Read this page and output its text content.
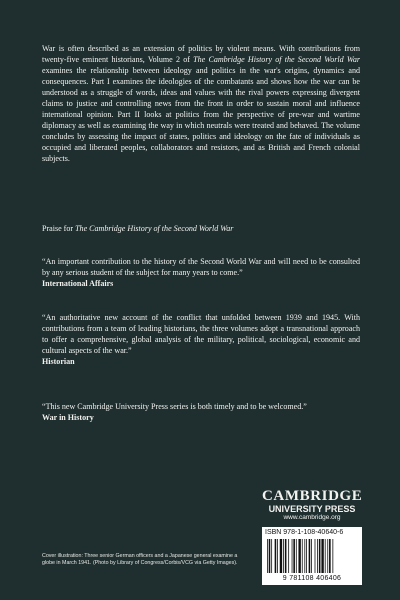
War is often described as an extension of politics by violent means. With contributions from twenty-five eminent historians, Volume 2 of The Cambridge History of the Second World War examines the relationship between ideology and politics in the war's origins, dynamics and consequences. Part I examines the ideologies of the combatants and shows how the war can be understood as a struggle of words, ideas and values with the rival powers expressing divergent claims to justice and controlling news from the front in order to sustain moral and influence international opinion. Part II looks at politics from the perspective of pre-war and wartime diplomacy as well as examining the way in which neutrals were treated and behaved. The volume concludes by assessing the impact of states, politics and ideology on the fate of individuals as occupied and liberated peoples, collaborators and resistors, and as British and French colonial subjects.

Praise for The Cambridge History of the Second World War

“An important contribution to the history of the Second World War and will need to be consulted by any serious student of the subject for many years to come.”

International Affairs

“An authoritative new account of the conflict that unfolded between 1939 and 1945. With contributions from a team of leading historians, the three volumes adopt a transnational approach to offer a comprehensive, global analysis of the military, political, sociological, economic and cultural aspects of the war.”

Historian

“This new Cambridge University Press series is both timely and to be welcomed.”

War in History

CAMBRIDGE
UNIVERSITY PRESS
www.cambridge.org
ISBN 978-1-108-40640-6
9 781108 406406

Cover illustration: Three senior German officers and a Japanese general examine a globe in March 1941. (Photo by Library of Congress/Corbis/VCG via Getty Images).
